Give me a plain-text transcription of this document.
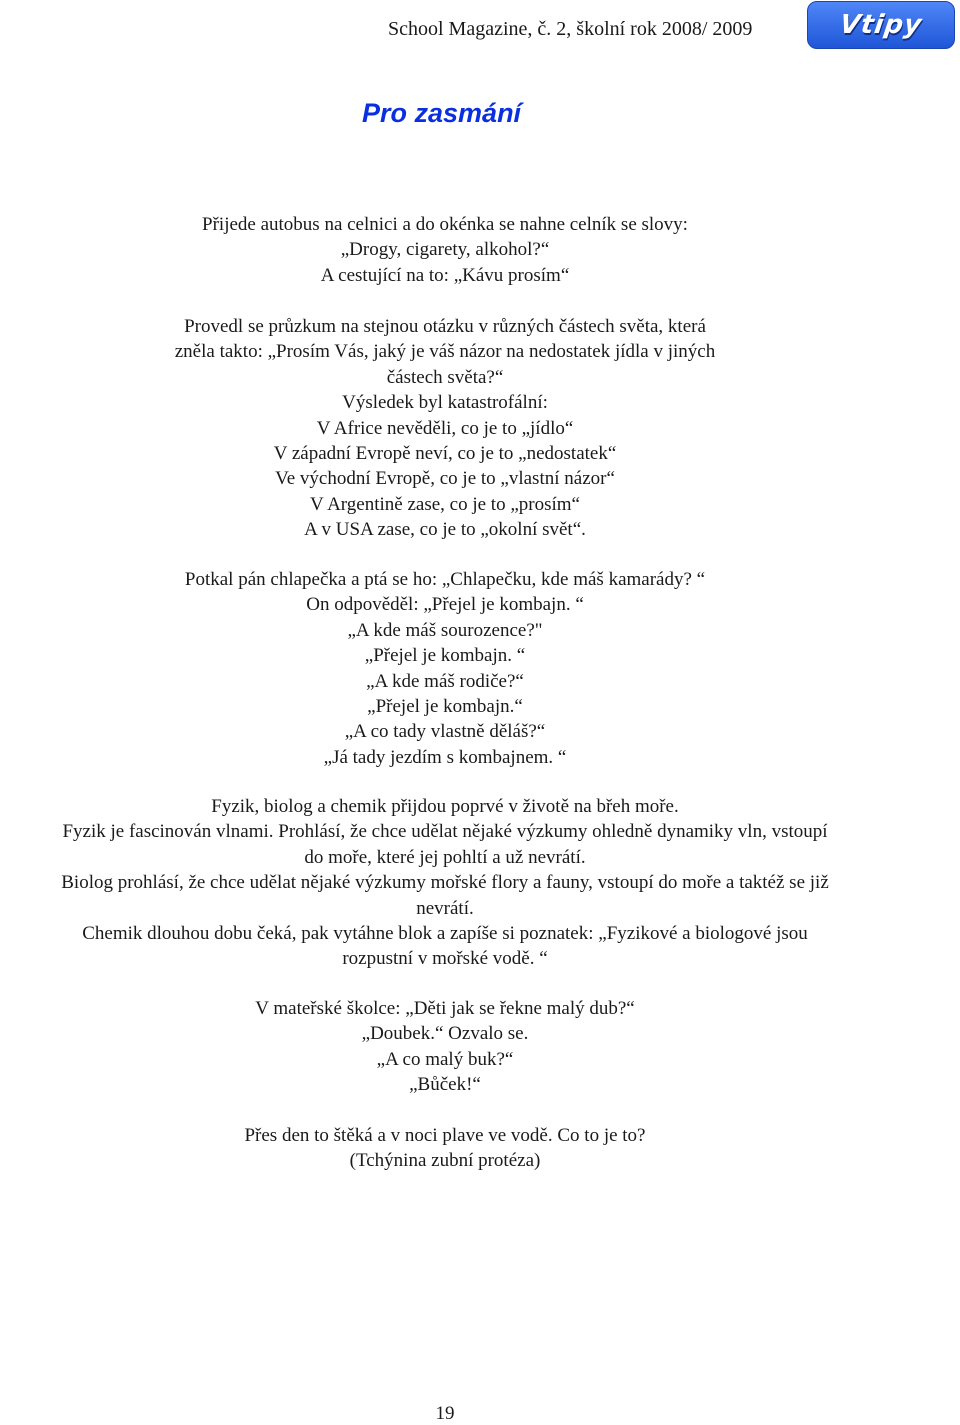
School Magazine, č. 2, školní rok 2008/ 2009	Vtipy
Pro zasmání
Přijede autobus na celnici a do okénka se nahne celník se slovy:
„Drogy, cigarety, alkohol?“
A cestující na to: „Kávu prosím“
Provedl se průzkum na stejnou otázku v různých částech světa, která
zněla takto: „Prosím Vás, jaký je váš názor na nedostatek jídla v jiných
částech světa?“
Výsledek byl katastrofální:
V Africe nevěděli, co je to „jídlo“
V západní Evropě neví, co je to „nedostatek“
Ve východní Evropě, co je to „vlastní názor“
V Argentině zase, co je to „prosím“
A v USA zase, co je to „okolní svět“.
Potkal pán chlapečka a ptá se ho: „Chlapečku, kde máš kamarády? “
On odpověděl: „Přejel je kombajn. “
„A kde máš sourozence?"
„Přejel je kombajn. “
„A kde máš rodiče?“
„Přejel je kombajn.“
„A co tady vlastně děláš?“
„Já tady jezdím s kombajnem. “
Fyzik, biolog a chemik přijdou poprvé v životě na břeh moře.
Fyzik je fascinován vlnami. Prohlásí, že chce udělat nějaké výzkumy ohledně dynamiky vln, vstoupí
do moře, které jej pohltí a už nevrátí.
Biolog prohlásí, že chce udělat nějaké výzkumy mořské flory a fauny, vstoupí do moře a taktéž se již
nevrátí.
Chemik dlouhou dobu čeká, pak vytáhne blok a zapíše si poznatek: „Fyzikové a biologové jsou
rozpustní v mořské vodě. “
V mateřské školce: „Děti jak se řekne malý dub?“
„Doubek.“ Ozvalo se.
„A co malý buk?“
„Bůček!“
Přes den to štěká a v noci plave ve vodě. Co to je to?
(Tchýnina zubní protéza)
19
